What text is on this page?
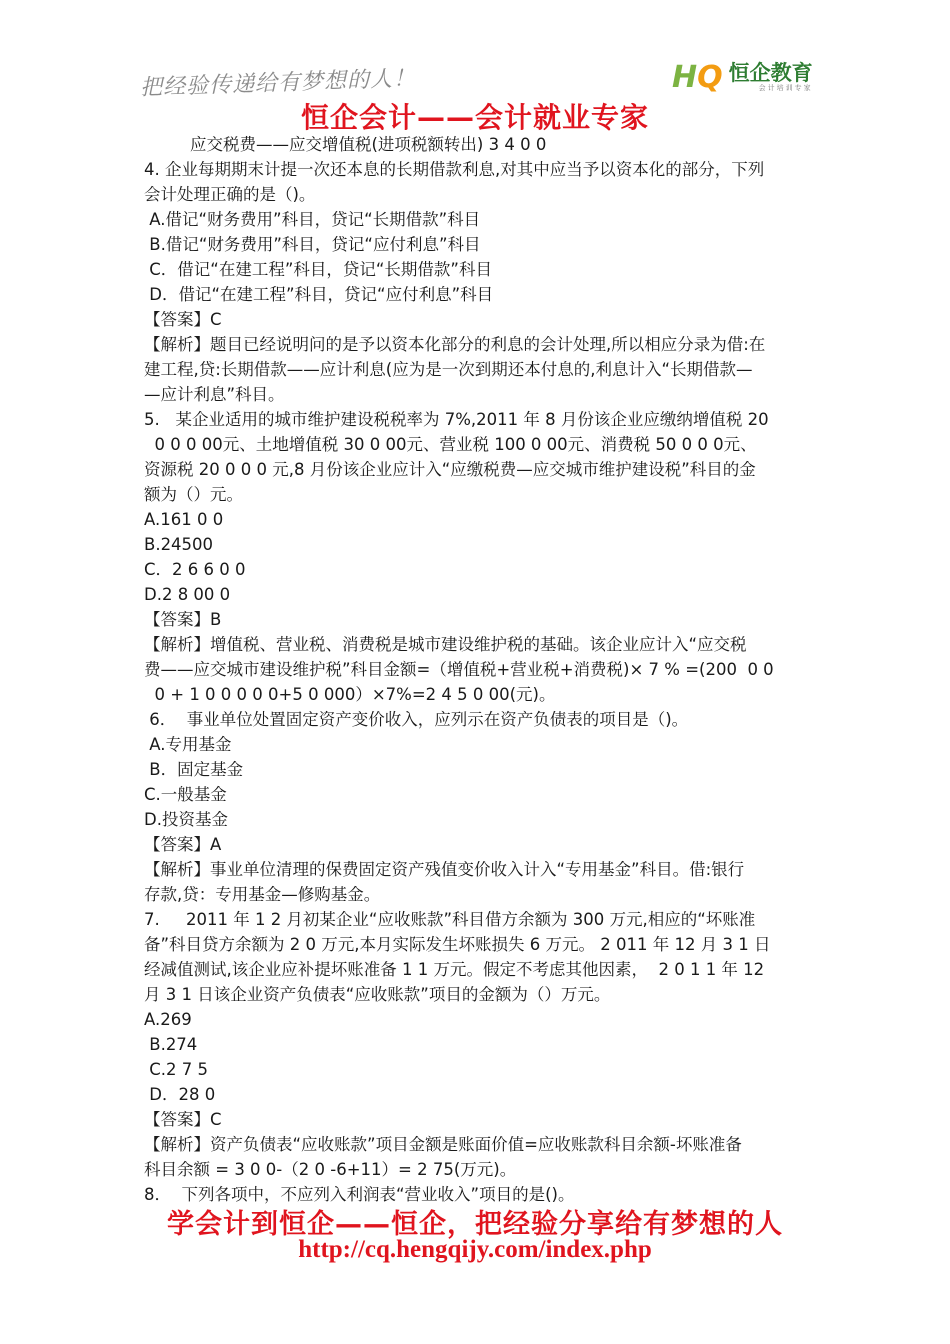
把经验传递给有梦想的人！	HQ 恒企教育
会计培训专家
恒企会计——会计就业专家

应交税费——应交增值税(进项税额转出) 3 4 0 0

4. 企业每期期末计提一次还本息的长期借款利息,对其中应当予以资本化的部分，下列

会计处理正确的是（)。

A.借记“财务费用”科目，贷记“长期借款”科目

B.借记“财务费用”科目，贷记“应付利息”科目

C．借记“在建工程”科目，贷记“长期借款”科目

D．借记“在建工程”科目，贷记“应付利息”科目

【答案】C

【解析】题目已经说明问的是予以资本化部分的利息的会计处理,所以相应分录为借:在

建工程,贷:长期借款——应计利息(应为是一次到期还本付息的,利息计入“长期借款—

—应计利息”科目。

5.   某企业适用的城市维护建设税税率为 7%,2011 年 8 月份该企业应缴纳增值税 20

0 0 0 00元、土地增值税 30 0 00元、营业税 100 0 00元、消费税 50 0 0 0元、

资源税 20 0 0 0 元,8 月份该企业应计入“应缴税费—应交城市维护建设税”科目的金

额为（）元。

A.161 0 0

B.24500

C．2 6 6 0 0

D.2 8 00 0

【答案】B

【解析】增值税、营业税、消费税是城市建设维护税的基础。该企业应计入“应交税

费——应交城市建设维护税”科目金额=（增值税+营业税+消费税)× 7 % =(200  0 0

0 + 1 0 0 0 0 0+5 0 000）×7%=2 4 5 0 00(元)。

6．  事业单位处置固定资产变价收入，应列示在资产负债表的项目是（)。

A.专用基金

B．固定基金

C.一般基金

D.投资基金

【答案】A

【解析】事业单位清理的保费固定资产残值变价收入计入“专用基金”科目。借:银行

存款,贷：专用基金—修购基金。

7.     2011 年 1 2 月初某企业“应收账款”科目借方余额为 300 万元,相应的“坏账准

备”科目贷方余额为 2 0 万元,本月实际发生坏账损失 6 万元。 2 011 年 12 月 3 1 日

经减值测试,该企业应补提坏账准备 1 1 万元。假定不考虑其他因素，  2 0 1 1 年 12

月 3 1 日该企业资产负债表“应收账款”项目的金额为（）万元。

A.269

B.274

C.2 7 5

D．28 0

【答案】C

【解析】资产负债表“应收账款”项目金额是账面价值=应收账款科目余额-坏账准备

科目余额 = 3 0 0-（2 0 -6+11）= 2 75(万元)。

8．  下列各项中，不应列入利润表“营业收入”项目的是()。

学会计到恒企——恒企，把经验分享给有梦想的人
http://cq.hengqijy.com/index.php
